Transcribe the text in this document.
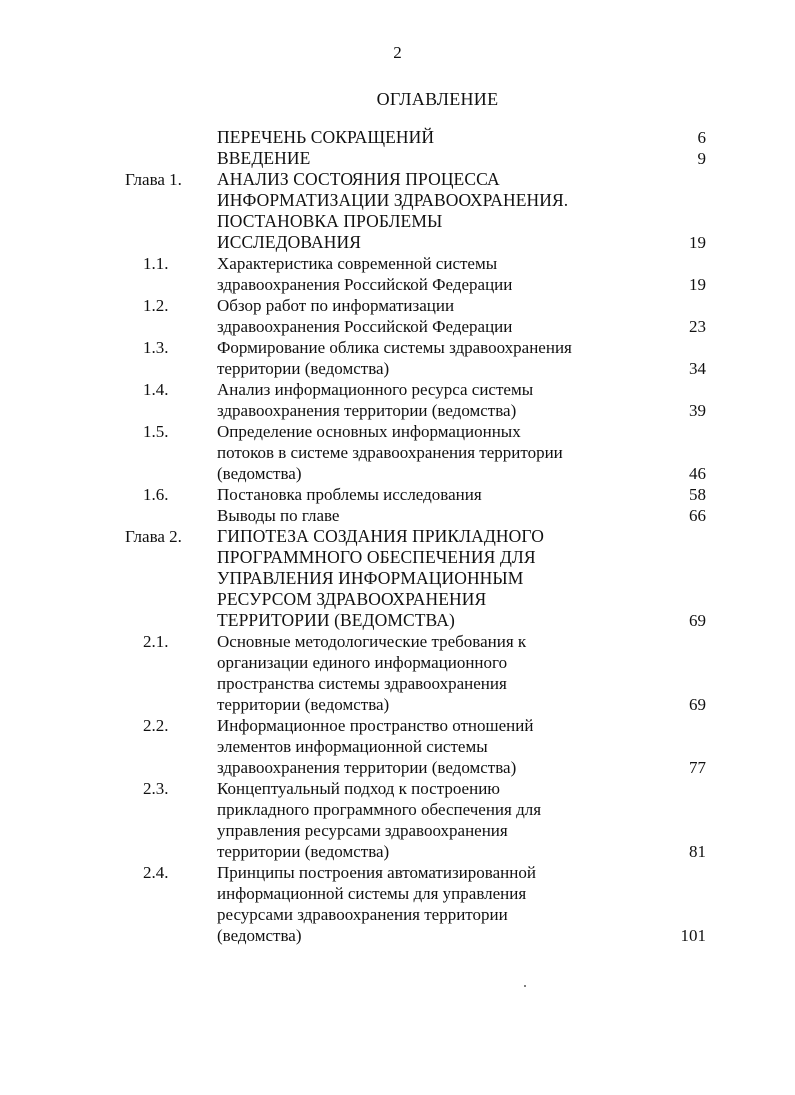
2
ОГЛАВЛЕНИЕ
ПЕРЕЧЕНЬ СОКРАЩЕНИЙ	6
ВВЕДЕНИЕ	9
Глава 1. АНАЛИЗ СОСТОЯНИЯ ПРОЦЕССА
ИНФОРМАТИЗАЦИИ ЗДРАВООХРАНЕНИЯ.
ПОСТАНОВКА ПРОБЛЕМЫ
ИССЛЕДОВАНИЯ	19
1.1.	Характеристика современной системы
здравоохранения Российской Федерации	19
1.2.	Обзор работ по информатизации
здравоохранения Российской Федерации	23
1.3.	Формирование облика системы здравоохранения
территории (ведомства)	34
1.4.	Анализ информационного ресурса системы
здравоохранения территории (ведомства)	39
1.5.	Определение основных информационных
потоков в системе здравоохранения территории
(ведомства)	46
1.6.	Постановка проблемы исследования	58
Выводы по главе	66
Глава 2. ГИПОТЕЗА СОЗДАНИЯ ПРИКЛАДНОГО
ПРОГРАММНОГО ОБЕСПЕЧЕНИЯ ДЛЯ
УПРАВЛЕНИЯ ИНФОРМАЦИОННЫМ
РЕСУРСОМ ЗДРАВООХРАНЕНИЯ
ТЕРРИТОРИИ (ВЕДОМСТВА)	69
2.1.	Основные методологические требования к
организации единого информационного
пространства системы здравоохранения
территории (ведомства)	69
2.2.	Информационное пространство отношений
элементов информационной системы
здравоохранения территории (ведомства)	77
2.3.	Концептуальный подход к построению
прикладного программного обеспечения для
управления ресурсами здравоохранения
территории (ведомства)	81
2.4.	Принципы построения автоматизированной
информационной системы для управления
ресурсами здравоохранения территории
(ведомства)	101
